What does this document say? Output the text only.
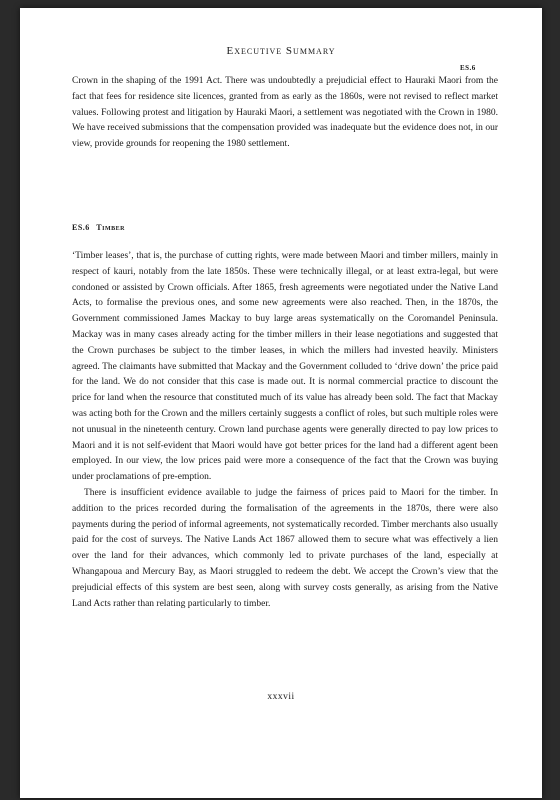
Executive Summary
ES.6

Crown in the shaping of the 1991 Act. There was undoubtedly a prejudicial effect to Hauraki Maori from the fact that fees for residence site licences, granted from as early as the 1860s, were not revised to reflect market values. Following protest and litigation by Hauraki Maori, a settlement was negotiated with the Crown in 1980. We have received submissions that the compensation provided was inadequate but the evidence does not, in our view, provide grounds for reopening the 1980 settlement.

ES.6 Timber

‘Timber leases’, that is, the purchase of cutting rights, were made between Maori and timber millers, mainly in respect of kauri, notably from the late 1850s. These were technically illegal, or at least extra-legal, but were condoned or assisted by Crown officials. After 1865, fresh agreements were negotiated under the Native Land Acts, to formalise the previous ones, and some new agreements were also reached. Then, in the 1870s, the Government commissioned James Mackay to buy large areas systematically on the Coromandel Peninsula. Mackay was in many cases already acting for the timber millers in their lease negotiations and suggested that the Crown purchases be subject to the timber leases, in which the millers had invested heavily. Ministers agreed. The claimants have submitted that Mackay and the Government colluded to ‘drive down’ the price paid for the land. We do not consider that this case is made out. It is normal commercial practice to discount the price for land when the resource that constituted much of its value has already been sold. The fact that Mackay was acting both for the Crown and the millers certainly suggests a conflict of roles, but such multiple roles were not unusual in the nineteenth century. Crown land purchase agents were generally directed to pay low prices to Maori and it is not self-evident that Maori would have got better prices for the land had a different agent been employed. In our view, the low prices paid were more a consequence of the fact that the Crown was buying under proclamations of pre-emption.

There is insufficient evidence available to judge the fairness of prices paid to Maori for the timber. In addition to the prices recorded during the formalisation of the agreements in the 1870s, there were also payments during the period of informal agreements, not systematically recorded. Timber merchants also usually paid for the cost of surveys. The Native Lands Act 1867 allowed them to secure what was effectively a lien over the land for their advances, which commonly led to private purchases of the land, especially at Whangapoua and Mercury Bay, as Maori struggled to redeem the debt. We accept the Crown’s view that the prejudicial effects of this system are best seen, along with survey costs generally, as arising from the Native Land Acts rather than relating particularly to timber.

xxxvii
